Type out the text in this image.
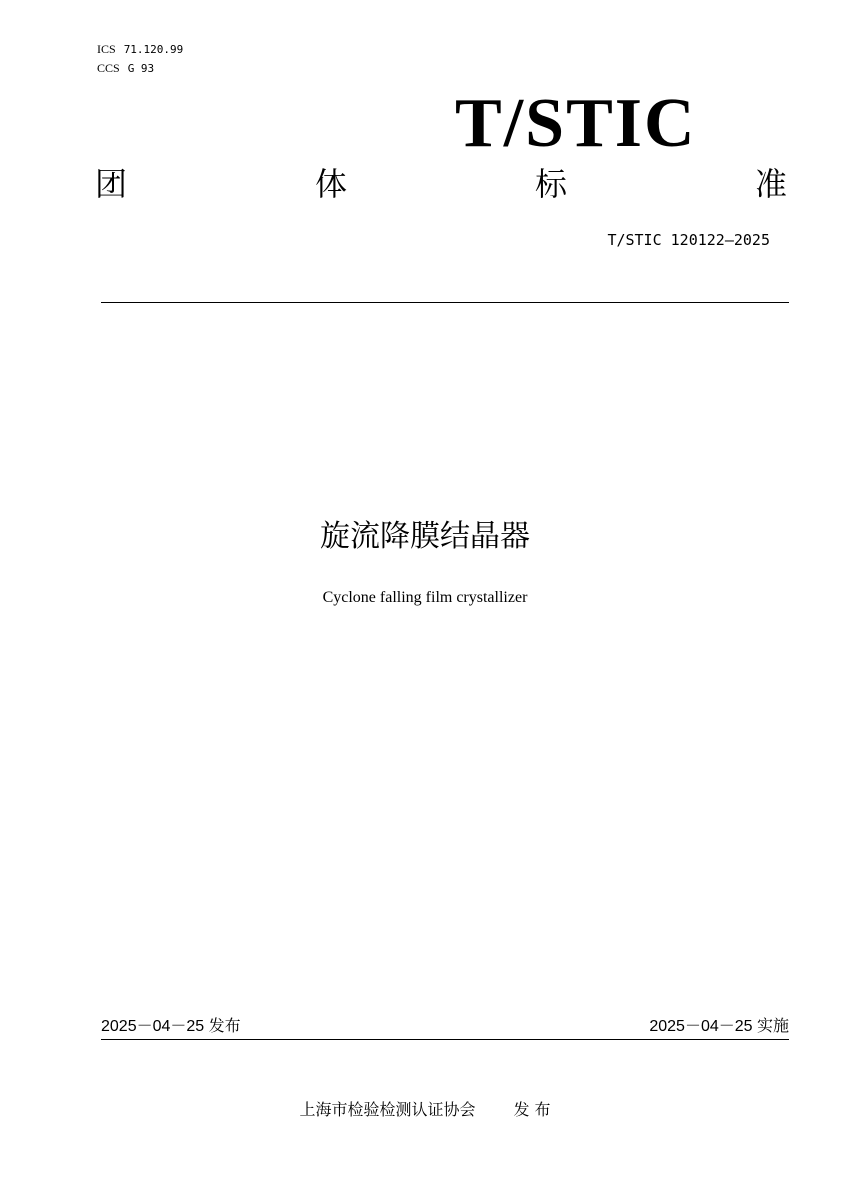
ICS 71.120.99
CCS G 93
T/STIC
团	体	标	准
T/STIC 120122—2025
旋流降膜结晶器
Cyclone falling film crystallizer
2025－04－25 发布	2025－04－25 实施
上海市检验检测认证协会 发 布
